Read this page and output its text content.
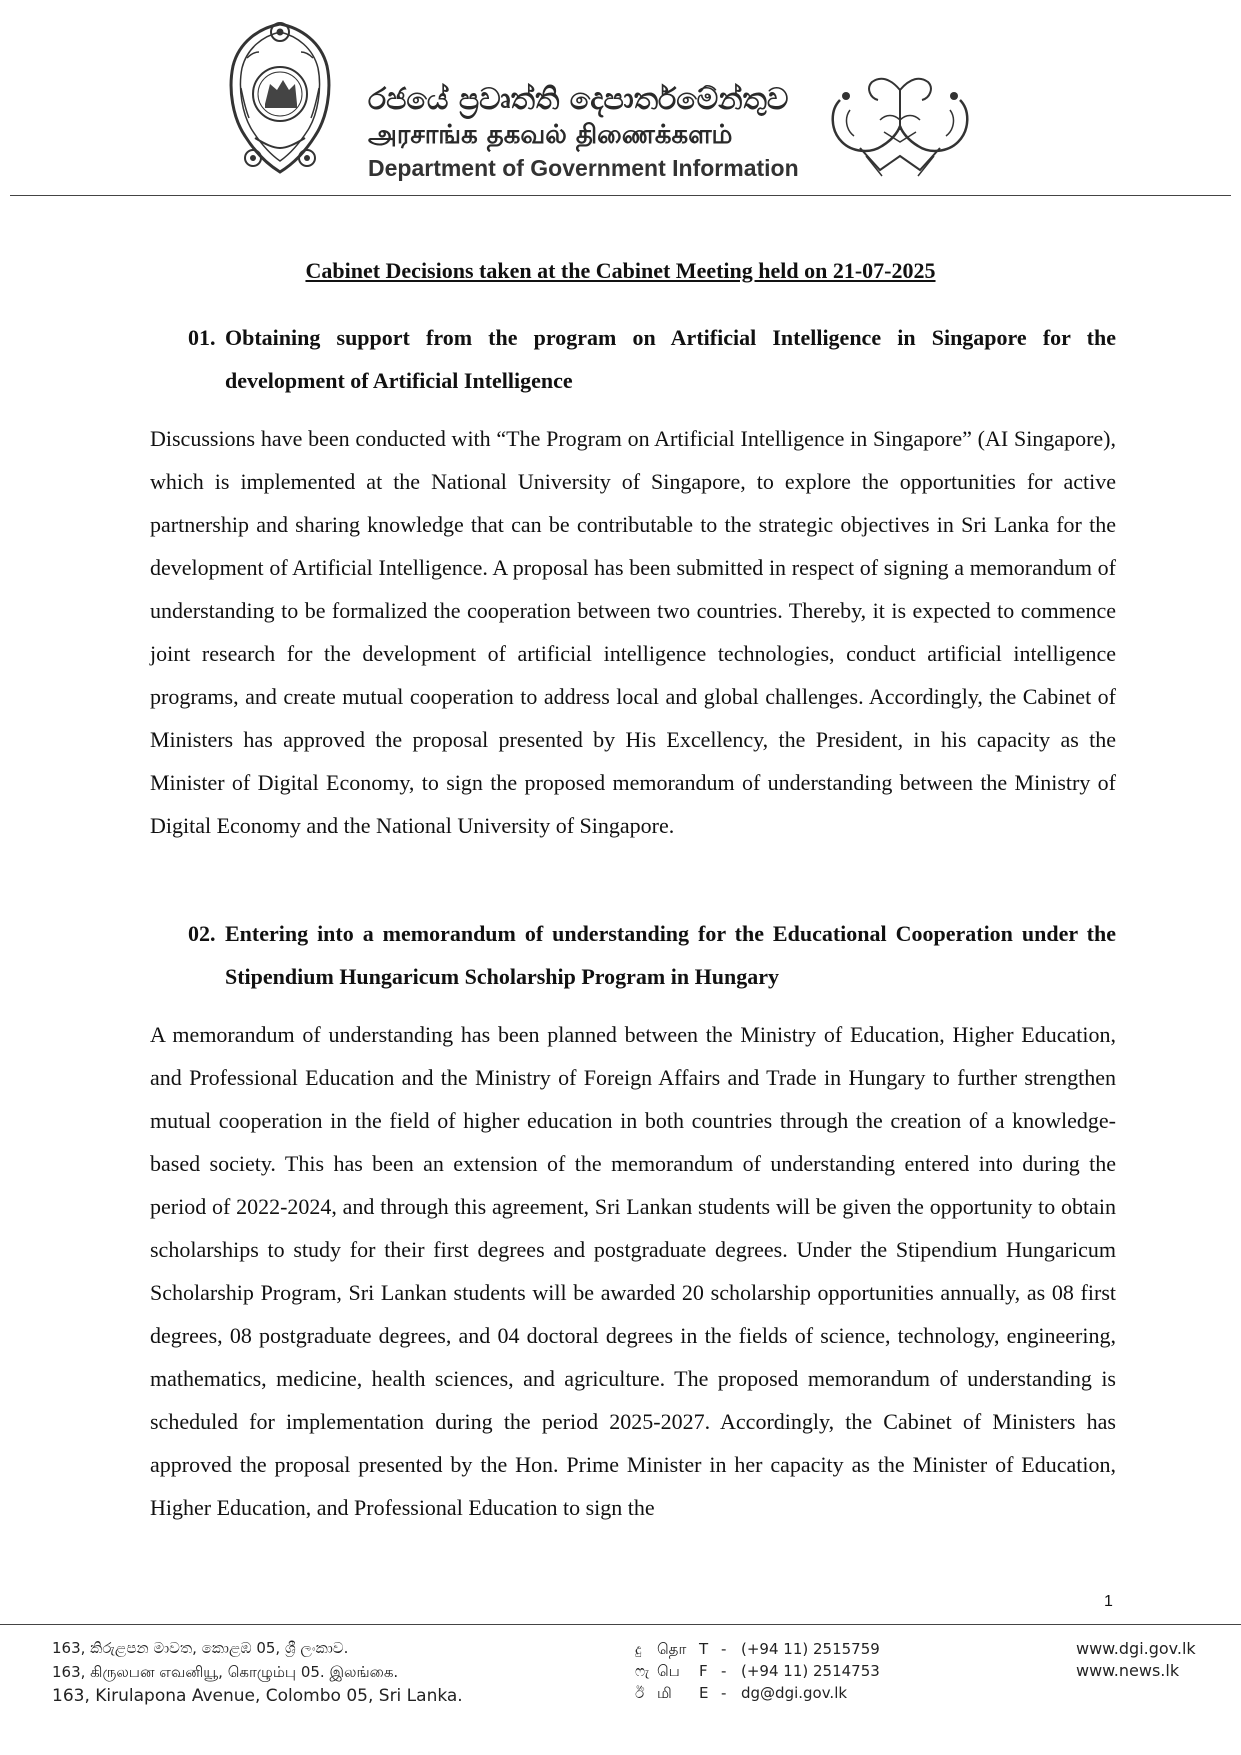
රජයේ ප්‍රවෘත්ති දෙපාර්තමේන්තුව
அரசாங்க தகவல் திணைக்களம்
Department of Government Information
Cabinet Decisions taken at the Cabinet Meeting held on 21-07-2025
01. Obtaining support from the program on Artificial Intelligence in Singapore for the development of Artificial Intelligence
Discussions have been conducted with “The Program on Artificial Intelligence in Singapore” (AI Singapore), which is implemented at the National University of Singapore, to explore the opportunities for active partnership and sharing knowledge that can be contributable to the strategic objectives in Sri Lanka for the development of Artificial Intelligence. A proposal has been submitted in respect of signing a memorandum of understanding to be formalized the cooperation between two countries. Thereby, it is expected to commence joint research for the development of artificial intelligence technologies, conduct artificial intelligence programs, and create mutual cooperation to address local and global challenges. Accordingly, the Cabinet of Ministers has approved the proposal presented by His Excellency, the President, in his capacity as the Minister of Digital Economy, to sign the proposed memorandum of understanding between the Ministry of Digital Economy and the National University of Singapore.
02. Entering into a memorandum of understanding for the Educational Cooperation under the Stipendium Hungaricum Scholarship Program in Hungary
A memorandum of understanding has been planned between the Ministry of Education, Higher Education, and Professional Education and the Ministry of Foreign Affairs and Trade in Hungary to further strengthen mutual cooperation in the field of higher education in both countries through the creation of a knowledge-based society. This has been an extension of the memorandum of understanding entered into during the period of 2022-2024, and through this agreement, Sri Lankan students will be given the opportunity to obtain scholarships to study for their first degrees and postgraduate degrees. Under the Stipendium Hungaricum Scholarship Program, Sri Lankan students will be awarded 20 scholarship opportunities annually, as 08 first degrees, 08 postgraduate degrees, and 04 doctoral degrees in the fields of science, technology, engineering, mathematics, medicine, health sciences, and agriculture. The proposed memorandum of understanding is scheduled for implementation during the period 2025-2027. Accordingly, the Cabinet of Ministers has approved the proposal presented by the Hon. Prime Minister in her capacity as the Minister of Education, Higher Education, and Professional Education to sign the
1
163, කිරුළපන මාවත, කොළඹ 05, ශ්‍රී ලංකාව.
163, கிருலபன எவனியூ, கொழும்பு 05. இலங்கை.
163, Kirulapona Avenue, Colombo 05, Sri Lanka.
දු	தொ T - (+94 11) 2515759
ෆැ பெ	F - (+94 11) 2514753
ඊ மி	E - dg@dgi.gov.lk
www.dgi.gov.lk
www.news.lk
